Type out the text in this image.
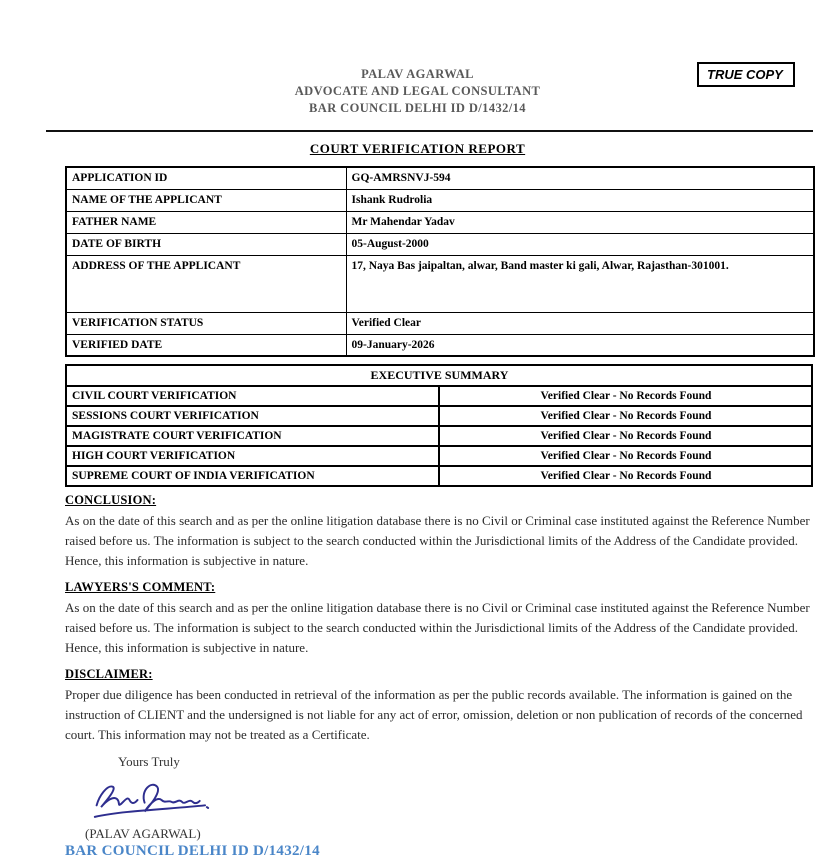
PALAV AGARWAL
ADVOCATE AND LEGAL CONSULTANT
BAR COUNCIL DELHI ID D/1432/14
TRUE COPY
COURT VERIFICATION REPORT
APPLICATION ID	GQ-AMRSNVJ-594
NAME OF THE APPLICANT	Ishank Rudrolia
FATHER NAME	Mr Mahendar Yadav
DATE OF BIRTH	05-August-2000
ADDRESS OF THE APPLICANT	17, Naya Bas jaipaltan, alwar, Band master ki gali, Alwar, Rajasthan-301001.
VERIFICATION STATUS	Verified Clear
VERIFIED DATE	09-January-2026
EXECUTIVE SUMMARY	
CIVIL COURT VERIFICATION	Verified Clear - No Records Found
SESSIONS COURT VERIFICATION	Verified Clear - No Records Found
MAGISTRATE COURT VERIFICATION	Verified Clear - No Records Found
HIGH COURT VERIFICATION	Verified Clear - No Records Found
SUPREME COURT OF INDIA VERIFICATION	Verified Clear - No Records Found
CONCLUSION:
As on the date of this search and as per the online litigation database there is no Civil or Criminal case instituted against the Reference Number raised before us. The information is subject to the search conducted within the Jurisdictional limits of the Address of the Candidate provided. Hence, this information is subjective in nature.
LAWYERS'S COMMENT:
As on the date of this search and as per the online litigation database there is no Civil or Criminal case instituted against the Reference Number raised before us. The information is subject to the search conducted within the Jurisdictional limits of the Address of the Candidate provided. Hence, this information is subjective in nature.
DISCLAIMER:
Proper due diligence has been conducted in retrieval of the information as per the public records available. The information is gained on the instruction of CLIENT and the undersigned is not liable for any act of error, omission, deletion or non publication of records of the concerned court. This information may not be treated as a Certificate.
Yours Truly
(PALAV AGARWAL)
BAR COUNCIL DELHI ID D/1432/14
